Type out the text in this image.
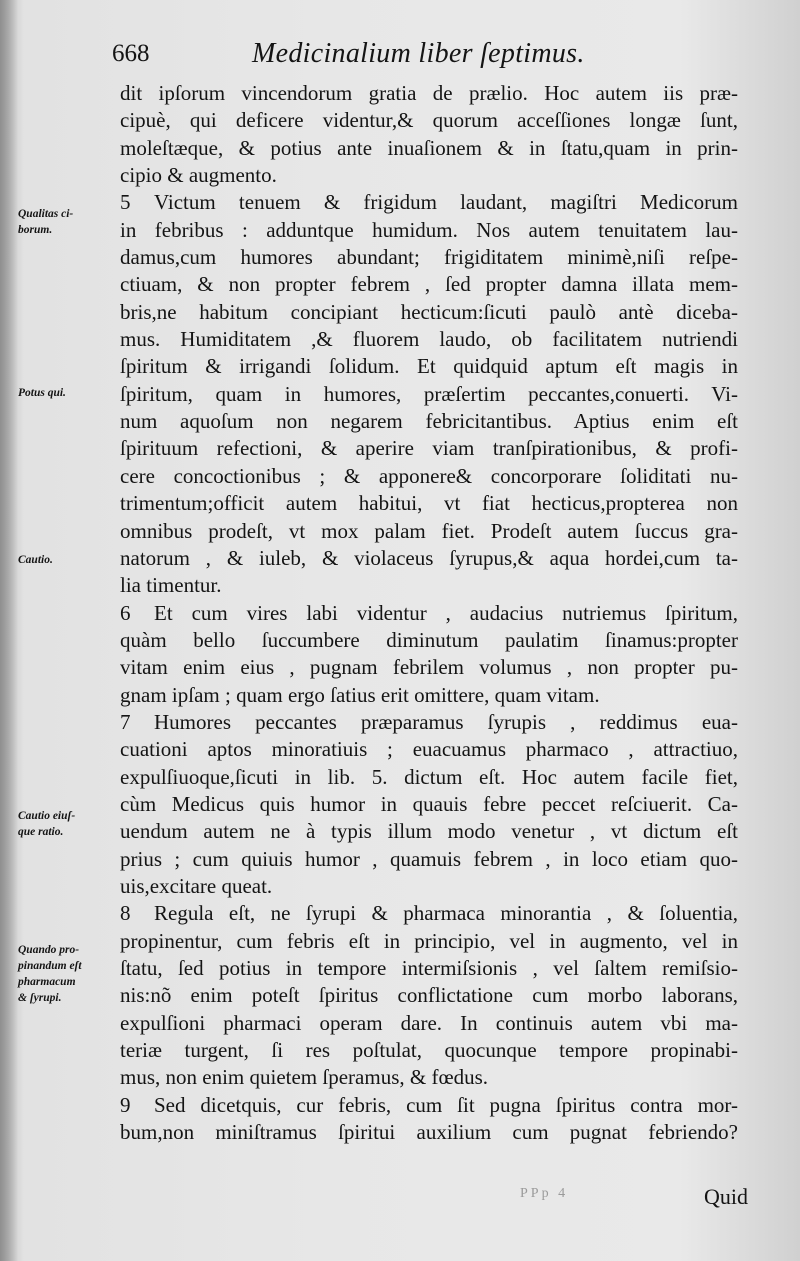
668	Medicinalium liber ſeptimus.
Qualitas ci-
borum.
Potus qui.
Cautio.
Cautio eiuſ-
que ratio.
Quando pro-
pinandum eſt
pharmacum
& ſyrupi.
dit ipſorum vincendorum gratia de prælio. Hoc autem iis præ-
cipuè, qui deficere videntur,& quorum acceſſiones longæ ſunt,
moleſtæque, & potius ante inuaſionem & in ſtatu,quam in prin-
cipio & augmento.
5 Victum tenuem & frigidum laudant, magiſtri Medicorum
in febribus : adduntque humidum. Nos autem tenuitatem lau-
damus,cum humores abundant; frigiditatem minimè,niſi reſpe-
ctiuam, & non propter febrem , ſed propter damna illata mem-
bris,ne habitum concipiant hecticum:ſicuti paulò antè diceba-
mus. Humiditatem ,& fluorem laudo, ob facilitatem nutriendi
ſpiritum & irrigandi ſolidum. Et quidquid aptum eſt magis in
ſpiritum, quam in humores, præſertim peccantes,conuerti. Vi-
num aquoſum non negarem febricitantibus. Aptius enim eſt
ſpirituum refectioni, & aperire viam tranſpirationibus, & profi-
cere concoctionibus ; & apponere& concorporare ſoliditati nu-
trimentum;officit autem habitui, vt fiat hecticus,propterea non
omnibus prodeſt, vt mox palam fiet. Prodeſt autem ſuccus gra-
natorum , & iuleb, & violaceus ſyrupus,& aqua hordei,cum ta-
lia timentur.
6 Et cum vires labi videntur , audacius nutriemus ſpiritum,
quàm bello ſuccumbere diminutum paulatim ſinamus:propter
vitam enim eius , pugnam febrilem volumus , non propter pu-
gnam ipſam ; quam ergo ſatius erit omittere, quam vitam.
7 Humores peccantes præparamus ſyrupis , reddimus eua-
cuationi aptos minoratiuis ; euacuamus pharmaco , attractiuo,
expulſiuoque,ſicuti in lib. 5. dictum eſt. Hoc autem facile fiet,
cùm Medicus quis humor in quauis febre peccet reſciuerit. Ca-
uendum autem ne à typis illum modo venetur , vt dictum eſt
prius ; cum quiuis humor , quamuis febrem , in loco etiam quo-
uis,excitare queat.
8 Regula eſt, ne ſyrupi & pharmaca minorantia , & ſoluentia,
propinentur, cum febris eſt in principio, vel in augmento, vel in
ſtatu, ſed potius in tempore intermiſsionis , vel ſaltem remiſsio-
nis:nõ enim poteſt ſpiritus conflictatione cum morbo laborans,
expulſioni pharmaci operam dare. In continuis autem vbi ma-
teriæ turgent, ſi res poſtulat, quocunque tempore propinabi-
mus, non enim quietem ſperamus, & fœdus.
9 Sed dicetquis, cur febris, cum ſit pugna ſpiritus contra mor-
bum,non miniſtramus ſpiritui auxilium cum pugnat febriendo?
PPp 4	Quid
